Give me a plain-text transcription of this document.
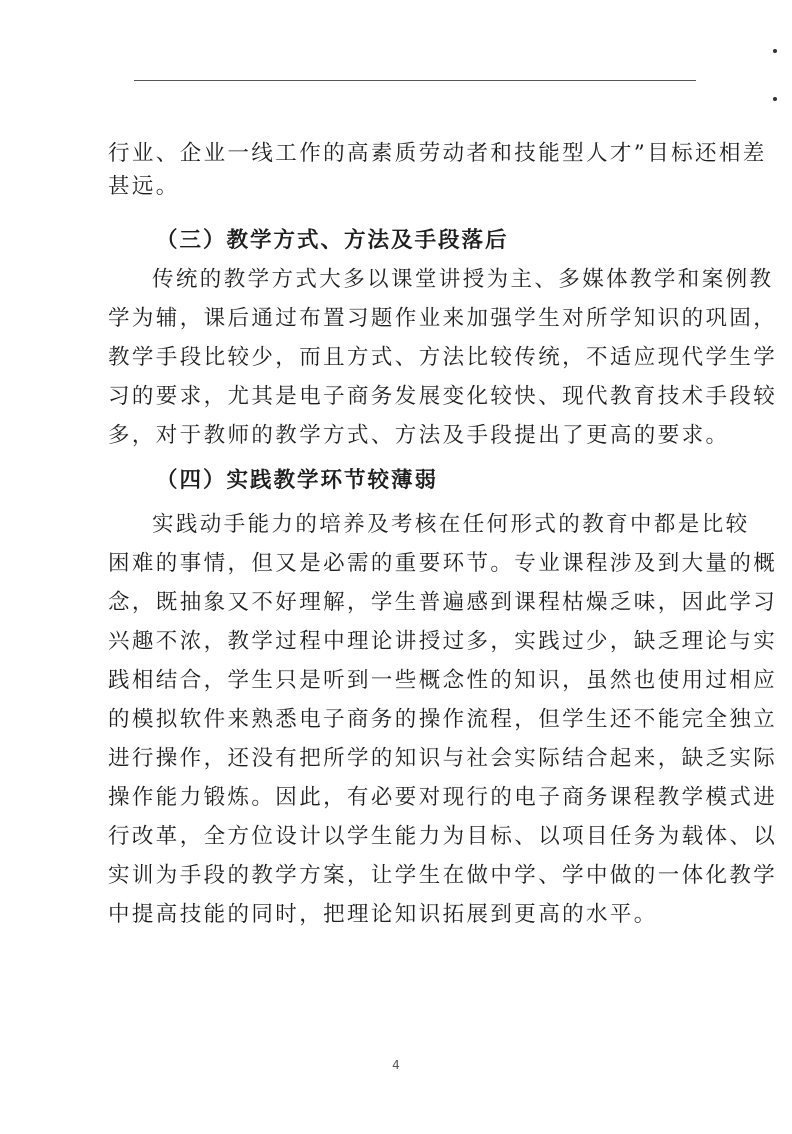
行业、企业一线工作的高素质劳动者和技能型人才”目标还相差
甚远。
（三）教学方式、方法及手段落后
传统的教学方式大多以课堂讲授为主、多媒体教学和案例教
学为辅，课后通过布置习题作业来加强学生对所学知识的巩固，
教学手段比较少，而且方式、方法比较传统，不适应现代学生学
习的要求，尤其是电子商务发展变化较快、现代教育技术手段较
多，对于教师的教学方式、方法及手段提出了更高的要求。
（四）实践教学环节较薄弱
实践动手能力的培养及考核在任何形式的教育中都是比较
困难的事情，但又是必需的重要环节。专业课程涉及到大量的概
念，既抽象又不好理解，学生普遍感到课程枯燥乏味，因此学习
兴趣不浓，教学过程中理论讲授过多，实践过少，缺乏理论与实
践相结合，学生只是听到一些概念性的知识，虽然也使用过相应
的模拟软件来熟悉电子商务的操作流程，但学生还不能完全独立
进行操作，还没有把所学的知识与社会实际结合起来，缺乏实际
操作能力锻炼。因此，有必要对现行的电子商务课程教学模式进
行改革，全方位设计以学生能力为目标、以项目任务为载体、以
实训为手段的教学方案，让学生在做中学、学中做的一体化教学
中提高技能的同时，把理论知识拓展到更高的水平。
4
